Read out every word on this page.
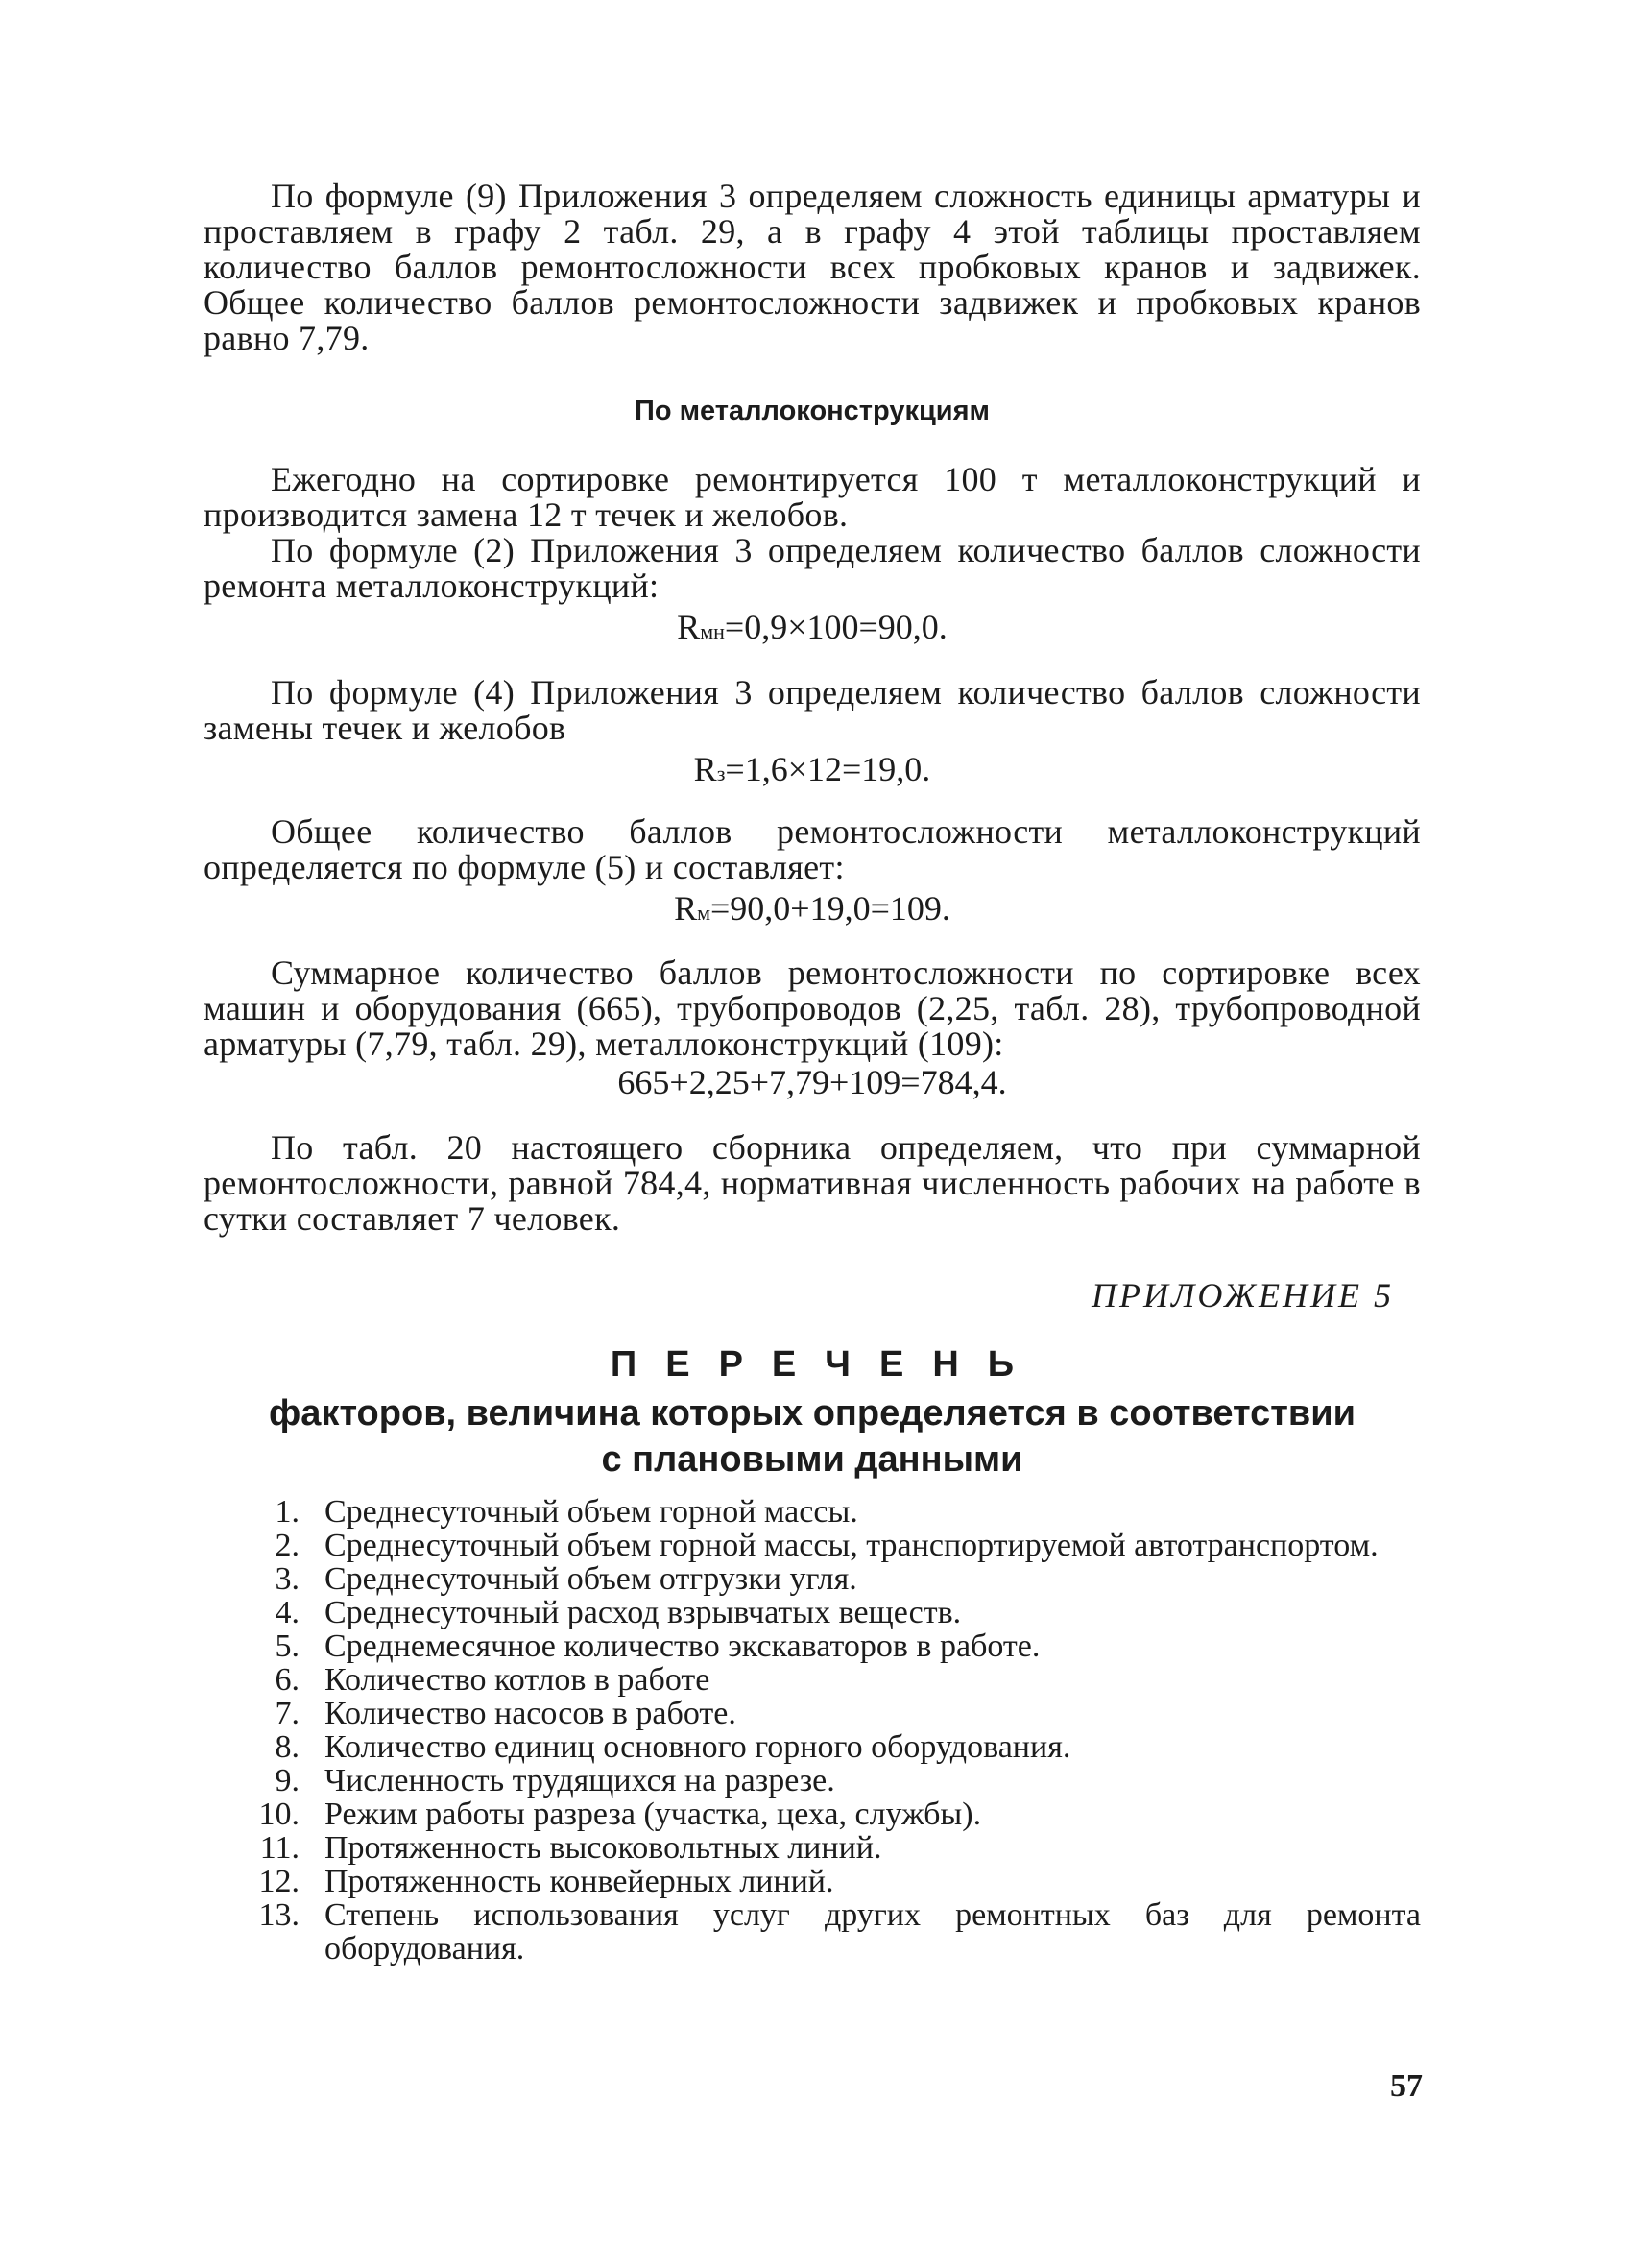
По формуле (9) Приложения 3 определяем сложность единицы арматуры и проставляем в графу 2 табл. 29, а в графу 4 этой таблицы проставляем количество баллов ремонтосложности всех пробковых кранов и задвижек. Общее количество баллов ремонтосложности задвижек и пробковых кранов равно 7,79.

По металлоконструкциям

Ежегодно на сортировке ремонтируется 100 т металлоконструкций и производится замена 12 т течек и желобов.

По формуле (2) Приложения 3 определяем количество баллов сложности ремонта металлоконструкций:

Rмн=0,9×100=90,0.

По формуле (4) Приложения 3 определяем количество баллов сложности замены течек и желобов

Rз=1,6×12=19,0.

Общее количество баллов ремонтосложности металлоконструкций определяется по формуле (5) и составляет:

Rм=90,0+19,0=109.

Суммарное количество баллов ремонтосложности по сортировке всех машин и оборудования (665), трубопроводов (2,25, табл. 28), трубопроводной арматуры (7,79, табл. 29), металлоконструкций (109):

665+2,25+7,79+109=784,4.

По табл. 20 настоящего сборника определяем, что при суммарной ремонтосложности, равной 784,4, нормативная численность рабочих на работе в сутки составляет 7 человек.

ПРИЛОЖЕНИЕ 5

ПЕРЕЧЕНЬ
факторов, величина которых определяется в соответствии
с плановыми данными
1. Среднесуточный объем горной массы.
2. Среднесуточный объем горной массы, транспортируемой автотранспортом.
3. Среднесуточный объем отгрузки угля.
4. Среднесуточный расход взрывчатых веществ.
5. Среднемесячное количество экскаваторов в работе.
6. Количество котлов в работе
7. Количество насосов в работе.
8. Количество единиц основного горного оборудования.
9. Численность трудящихся на разрезе.
10. Режим работы разреза (участка, цеха, службы).
11. Протяженность высоковольтных линий.
12. Протяженность конвейерных линий.
13. Степень использования услуг других ремонтных баз для ремонта оборудования.

57
